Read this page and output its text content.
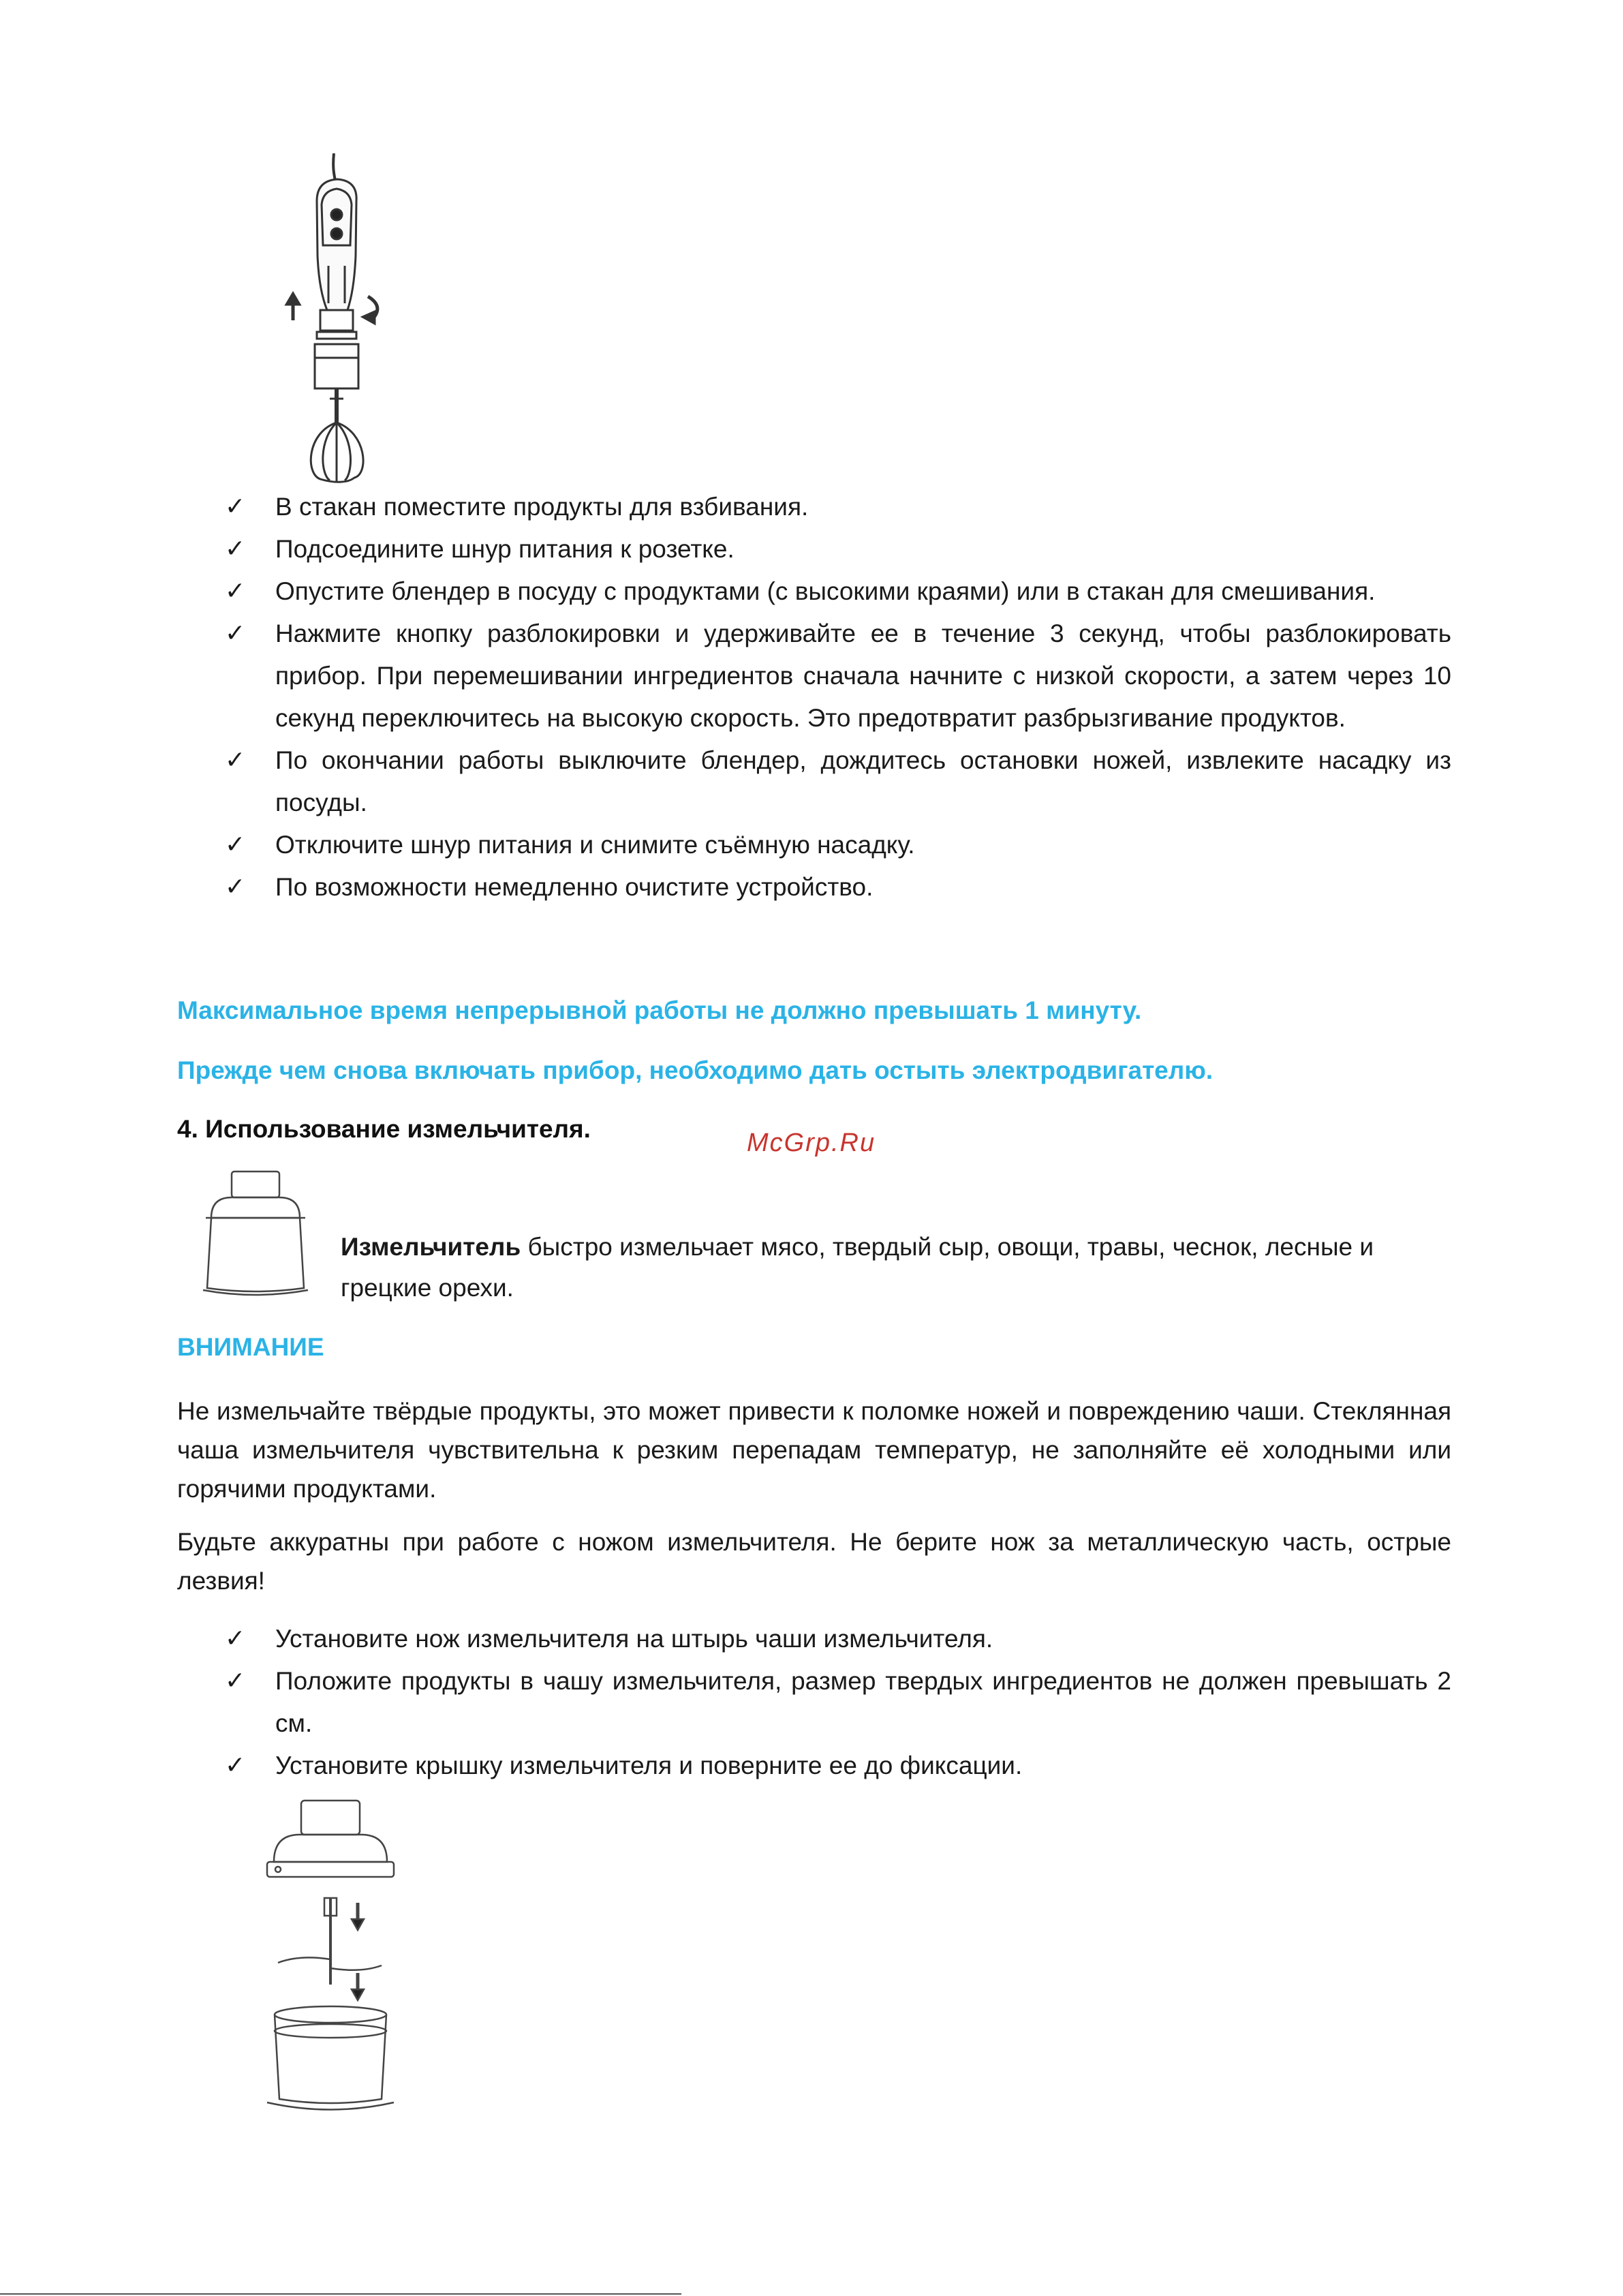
✓ В стакан поместите продукты для взбивания.
✓ Подсоедините шнур питания к розетке.
✓ Опустите блендер в посуду с продуктами (с высокими краями) или в стакан для смешивания.
✓ Нажмите кнопку разблокировки и удерживайте ее в течение 3 секунд, чтобы разблокировать прибор. При перемешивании ингредиентов сначала начните с низкой скорости, а затем через 10 секунд переключитесь на высокую скорость. Это предотвратит разбрызгивание продуктов.
✓ По окончании работы выключите блендер, дождитесь остановки ножей, извлеките насадку из посуды.
✓ Отключите шнур питания и снимите съёмную насадку.
✓ По возможности немедленно очистите устройство.
Максимальное время непрерывной работы не должно превышать 1 минуту.
Прежде чем снова включать прибор, необходимо дать остыть электродвигателю.
4. Использование измельчителя.	McGrp.Ru

Измельчитель быстро измельчает мясо, твердый сыр, овощи, травы, чеснок, лесные и грецкие орехи.

ВНИМАНИЕ

Не измельчайте твёрдые продукты, это может привести к поломке ножей и повреждению чаши. Стеклянная чаша измельчителя чувствительна к резким перепадам температур, не заполняйте её холодными или горячими продуктами.

Будьте аккуратны при работе с ножом измельчителя. Не берите нож за металлическую часть, острые лезвия!

✓ Установите нож измельчителя на штырь чаши измельчителя.
✓ Положите продукты в чашу измельчителя, размер твердых ингредиентов не должен превышать 2 см.
✓ Установите крышку измельчителя и поверните ее до фиксации.
